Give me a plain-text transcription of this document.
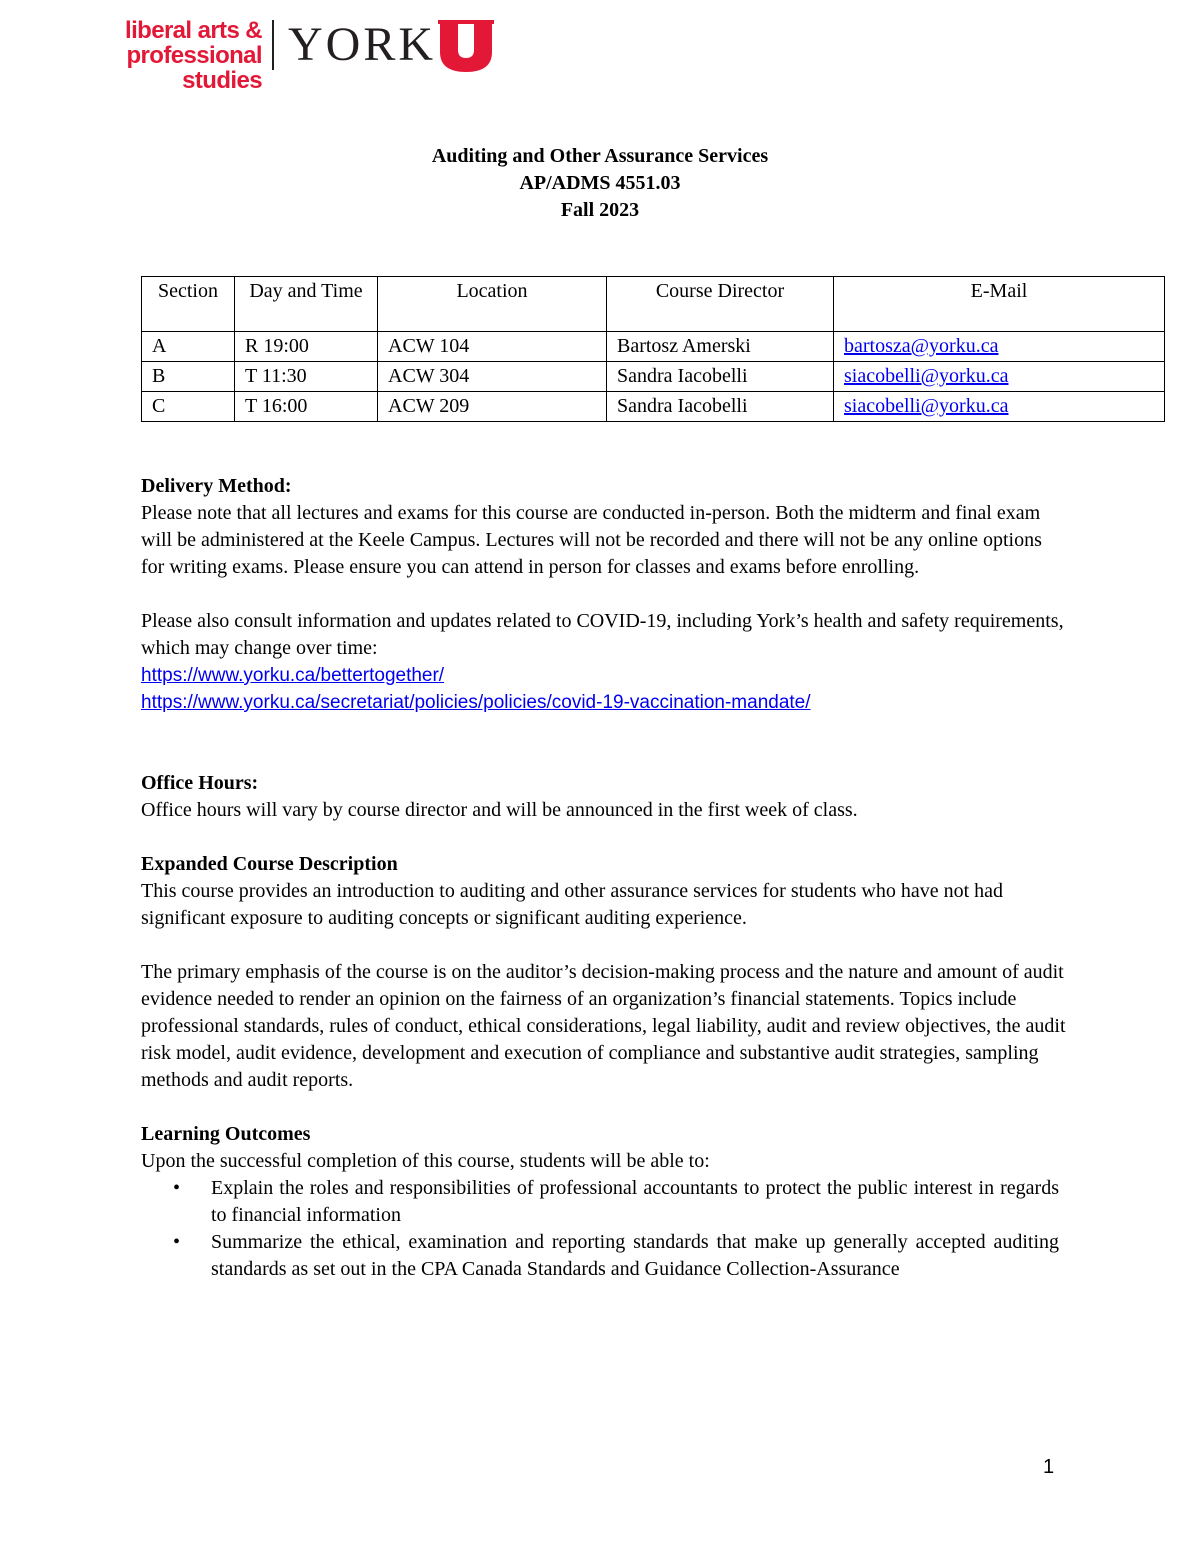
liberal arts &
professional studies
YORK
Auditing and Other Assurance Services
AP/ADMS 4551.03
Fall 2023
Section	Day and Time	Location	Course Director	E-Mail
A	R 19:00	ACW 104	Bartosz Amerski	bartosza@yorku.ca
B	T 11:30	ACW 304	Sandra Iacobelli	siacobelli@yorku.ca
C	T 16:00	ACW 209	Sandra Iacobelli	siacobelli@yorku.ca

Delivery Method:

Please note that all lectures and exams for this course are conducted in-person. Both the midterm and final exam will be administered at the Keele Campus. Lectures will not be recorded and there will not be any online options for writing exams. Please ensure you can attend in person for classes and exams before enrolling.

Please also consult information and updates related to COVID-19, including York’s health and safety requirements, which may change over time:

https://www.yorku.ca/bettertogether/

https://www.yorku.ca/secretariat/policies/policies/covid-19-vaccination-mandate/

Office Hours:

Office hours will vary by course director and will be announced in the first week of class.

Expanded Course Description

This course provides an introduction to auditing and other assurance services for students who have not had significant exposure to auditing concepts or significant auditing experience.

The primary emphasis of the course is on the auditor’s decision-making process and the nature and amount of audit evidence needed to render an opinion on the fairness of an organization’s financial statements. Topics include professional standards, rules of conduct, ethical considerations, legal liability, audit and review objectives, the audit risk model, audit evidence, development and execution of compliance and substantive audit strategies, sampling methods and audit reports.

Learning Outcomes

Upon the successful completion of this course, students will be able to:

• Explain the roles and responsibilities of professional accountants to protect the public interest in regards to financial information
• Summarize the ethical, examination and reporting standards that make up generally accepted auditing standards as set out in the CPA Canada Standards and Guidance Collection-Assurance
1
